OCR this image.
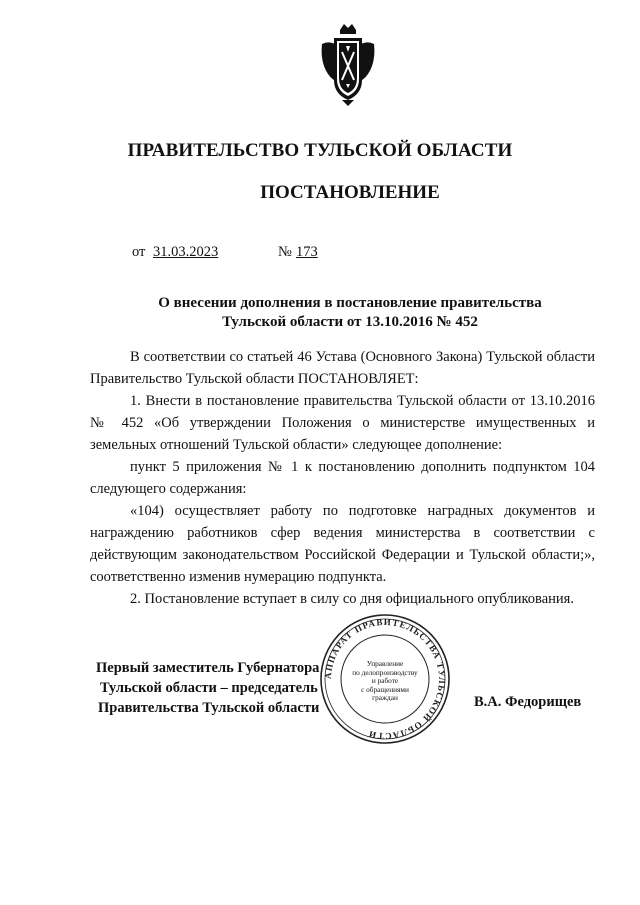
ПРАВИТЕЛЬСТВО ТУЛЬСКОЙ ОБЛАСТИ
ПОСТАНОВЛЕНИЕ
от 31.03.2023	№ 173
О внесении дополнения в постановление правительства
Тульской области от 13.10.2016 № 452

В соответствии со статьей 46 Устава (Основного Закона) Тульской области Правительство Тульской области ПОСТАНОВЛЯЕТ:

1. Внести в постановление правительства Тульской области от 13.10.2016 № 452 «Об утверждении Положения о министерстве имущественных и земельных отношений Тульской области» следующее дополнение:

пункт 5 приложения № 1 к постановлению дополнить подпунктом 104 следующего содержания:

«104) осуществляет работу по подготовке наградных документов и награждению работников сфер ведения министерства в соответствии с действующим законодательством Российской Федерации и Тульской области;», соответственно изменив нумерацию подпункта.

2. Постановление вступает в силу со дня официального опубликования.

АППАРАТ ПРАВИТЕЛЬСТВА ТУЛЬСКОЙ ОБЛАСТИ
Управление
по делопроизводству
и работе
с обращениями
граждан
Первый заместитель Губернатора
Тульской области – председатель
Правительства Тульской области	В.А. Федорищев
